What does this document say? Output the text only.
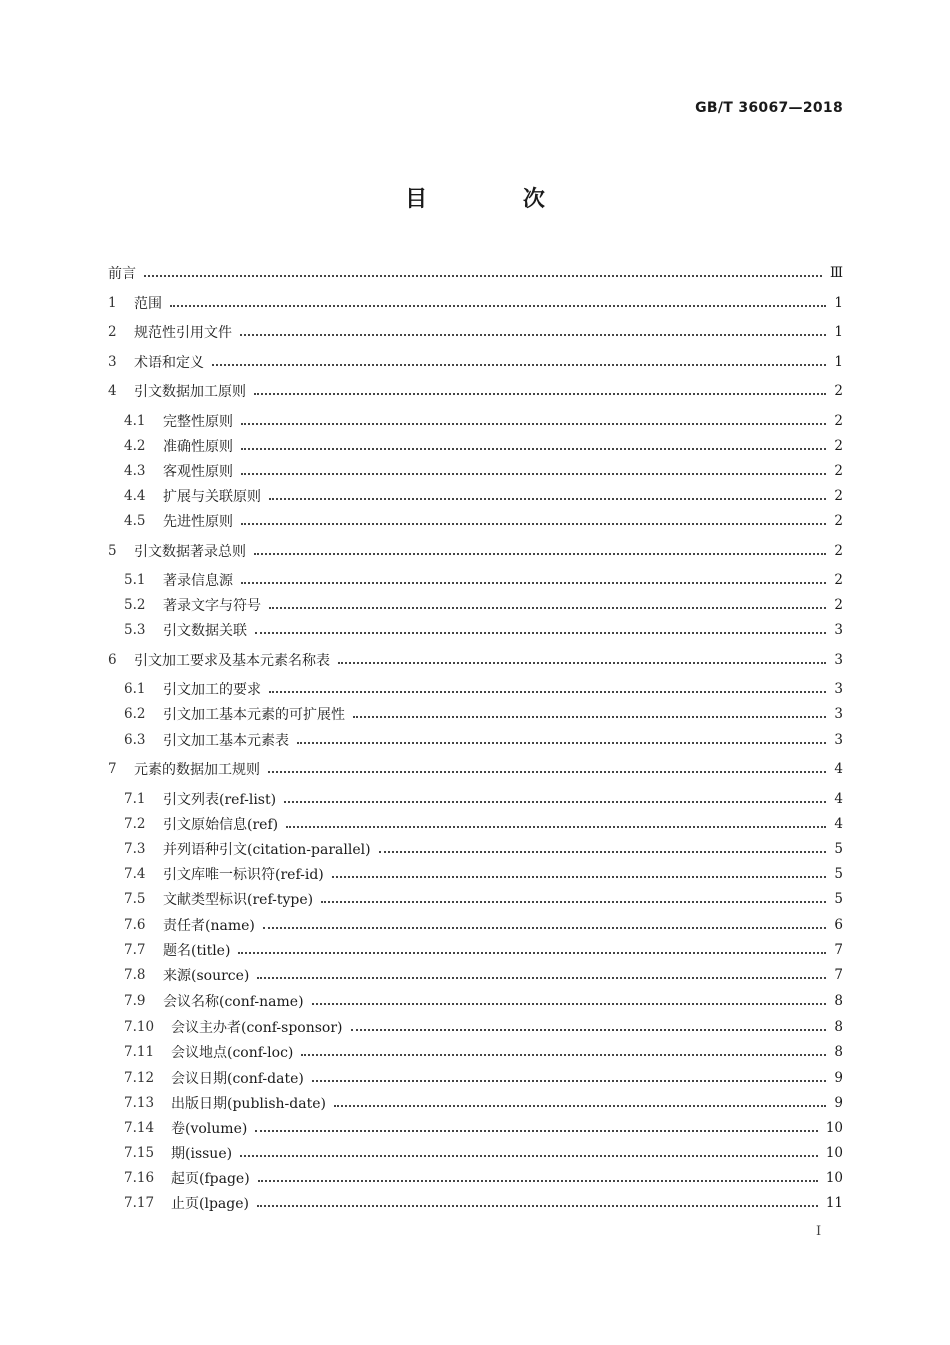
GB/T 36067—2018
目 次
前言	Ⅲ
1 范围	1
2 规范性引用文件	1
3 术语和定义	1
4 引文数据加工原则	2
4.1 完整性原则	2
4.2 准确性原则	2
4.3 客观性原则	2
4.4 扩展与关联原则	2
4.5 先进性原则	2
5 引文数据著录总则	2
5.1 著录信息源	2
5.2 著录文字与符号	2
5.3 引文数据关联	3
6 引文加工要求及基本元素名称表	3
6.1 引文加工的要求	3
6.2 引文加工基本元素的可扩展性	3
6.3 引文加工基本元素表	3
7 元素的数据加工规则	4
7.1 引文列表(ref-list)	4
7.2 引文原始信息(ref)	4
7.3 并列语种引文(citation-parallel)	5
7.4 引文库唯一标识符(ref-id)	5
7.5 文献类型标识(ref-type)	5
7.6 责任者(name)	6
7.7 题名(title)	7
7.8 来源(source)	7
7.9 会议名称(conf-name)	8
7.10 会议主办者(conf-sponsor)	8
7.11 会议地点(conf-loc)	8
7.12 会议日期(conf-date)	9
7.13 出版日期(publish-date)	9
7.14 卷(volume)	10
7.15 期(issue)	10
7.16 起页(fpage)	10
7.17 止页(lpage)	11
I
